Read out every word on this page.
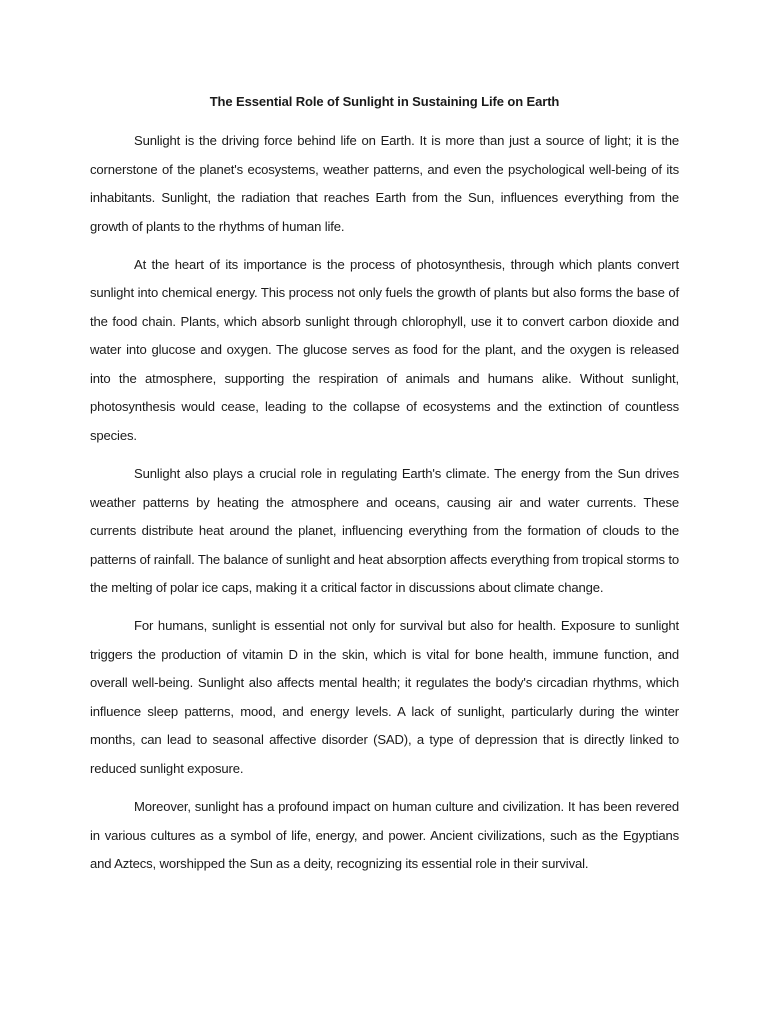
The Essential Role of Sunlight in Sustaining Life on Earth

Sunlight is the driving force behind life on Earth. It is more than just a source of light; it is the cornerstone of the planet's ecosystems, weather patterns, and even the psychological well-being of its inhabitants. Sunlight, the radiation that reaches Earth from the Sun, influences everything from the growth of plants to the rhythms of human life.

At the heart of its importance is the process of photosynthesis, through which plants convert sunlight into chemical energy. This process not only fuels the growth of plants but also forms the base of the food chain. Plants, which absorb sunlight through chlorophyll, use it to convert carbon dioxide and water into glucose and oxygen. The glucose serves as food for the plant, and the oxygen is released into the atmosphere, supporting the respiration of animals and humans alike. Without sunlight, photosynthesis would cease, leading to the collapse of ecosystems and the extinction of countless species.

Sunlight also plays a crucial role in regulating Earth's climate. The energy from the Sun drives weather patterns by heating the atmosphere and oceans, causing air and water currents. These currents distribute heat around the planet, influencing everything from the formation of clouds to the patterns of rainfall. The balance of sunlight and heat absorption affects everything from tropical storms to the melting of polar ice caps, making it a critical factor in discussions about climate change.

For humans, sunlight is essential not only for survival but also for health. Exposure to sunlight triggers the production of vitamin D in the skin, which is vital for bone health, immune function, and overall well-being. Sunlight also affects mental health; it regulates the body's circadian rhythms, which influence sleep patterns, mood, and energy levels. A lack of sunlight, particularly during the winter months, can lead to seasonal affective disorder (SAD), a type of depression that is directly linked to reduced sunlight exposure.

Moreover, sunlight has a profound impact on human culture and civilization. It has been revered in various cultures as a symbol of life, energy, and power. Ancient civilizations, such as the Egyptians and Aztecs, worshipped the Sun as a deity, recognizing its essential role in their survival.
